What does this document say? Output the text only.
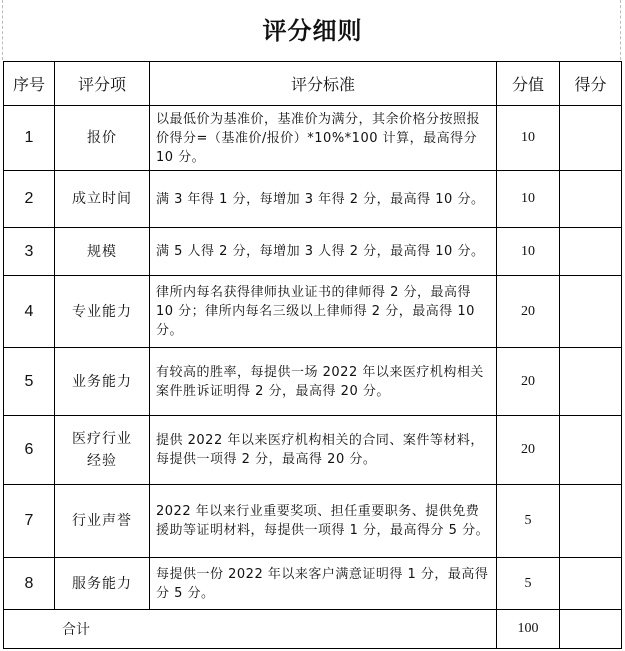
评分细则
序号	评分项	评分标准	分值	得分
1	报价	以最低价为基准价，基准价为满分，其余价格分按照报价得分=（基准价/报价）*10%*100 计算，最高得分 10 分。	10	
2	成立时间	满 3 年得 1 分，每增加 3 年得 2 分，最高得 10 分。	10	
3	规模	满 5 人得 2 分，每增加 3 人得 2 分，最高得 10 分。	10	
4	专业能力	律所内每名获得律师执业证书的律师得 2 分，最高得 10 分；律所内每名三级以上律师得 2 分，最高得 10 分。	20	
5	业务能力	有较高的胜率，每提供一场 2022 年以来医疗机构相关案件胜诉证明得 2 分，最高得 20 分。	20	
6	医疗行业经验	提供 2022 年以来医疗机构相关的合同、案件等材料，每提供一项得 2 分，最高得 20 分。	20	
7	行业声誉	2022 年以来行业重要奖项、担任重要职务、提供免费援助等证明材料，每提供一项得 1 分，最高得分 5 分。	5	
8	服务能力	每提供一份 2022 年以来客户满意证明得 1 分，最高得分 5 分。	5	
合计			100	
